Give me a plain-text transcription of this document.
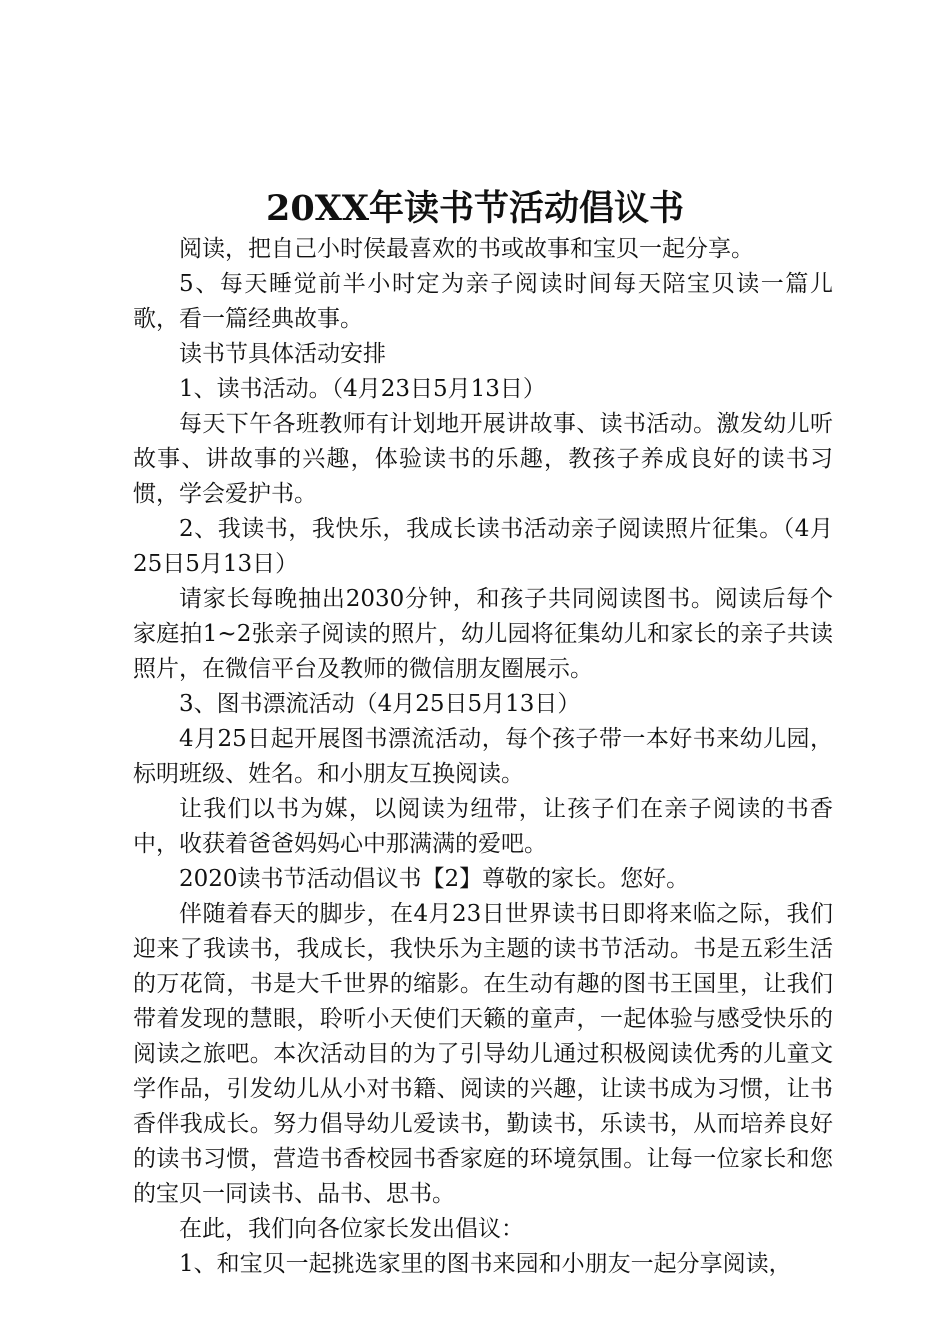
20XX年读书节活动倡议书

阅读，把自己小时侯最喜欢的书或故事和宝贝一起分享。

5、每天睡觉前半小时定为亲子阅读时间每天陪宝贝读一篇儿歌，看一篇经典故事。

读书节具体活动安排

1、读书活动。（4月23日5月13日）

每天下午各班教师有计划地开展讲故事、读书活动。激发幼儿听故事、讲故事的兴趣，体验读书的乐趣，教孩子养成良好的读书习惯，学会爱护书。

2、我读书，我快乐，我成长读书活动亲子阅读照片征集。（4月25日5月13日）

请家长每晚抽出2030分钟，和孩子共同阅读图书。阅读后每个家庭拍1~2张亲子阅读的照片，幼儿园将征集幼儿和家长的亲子共读照片，在微信平台及教师的微信朋友圈展示。

3、图书漂流活动（4月25日5月13日）

4月25日起开展图书漂流活动，每个孩子带一本好书来幼儿园，标明班级、姓名。和小朋友互换阅读。

让我们以书为媒，以阅读为纽带，让孩子们在亲子阅读的书香中，收获着爸爸妈妈心中那满满的爱吧。

2020读书节活动倡议书【2】尊敬的家长。您好。

伴随着春天的脚步，在4月23日世界读书日即将来临之际，我们迎来了我读书，我成长，我快乐为主题的读书节活动。书是五彩生活的万花筒，书是大千世界的缩影。在生动有趣的图书王国里，让我们带着发现的慧眼，聆听小天使们天籁的童声，一起体验与感受快乐的阅读之旅吧。本次活动目的为了引导幼儿通过积极阅读优秀的儿童文学作品，引发幼儿从小对书籍、阅读的兴趣，让读书成为习惯，让书香伴我成长。努力倡导幼儿爱读书，勤读书，乐读书，从而培养良好的读书习惯，营造书香校园书香家庭的环境氛围。让每一位家长和您的宝贝一同读书、品书、思书。

在此，我们向各位家长发出倡议：

1、和宝贝一起挑选家里的图书来园和小朋友一起分享阅读，
